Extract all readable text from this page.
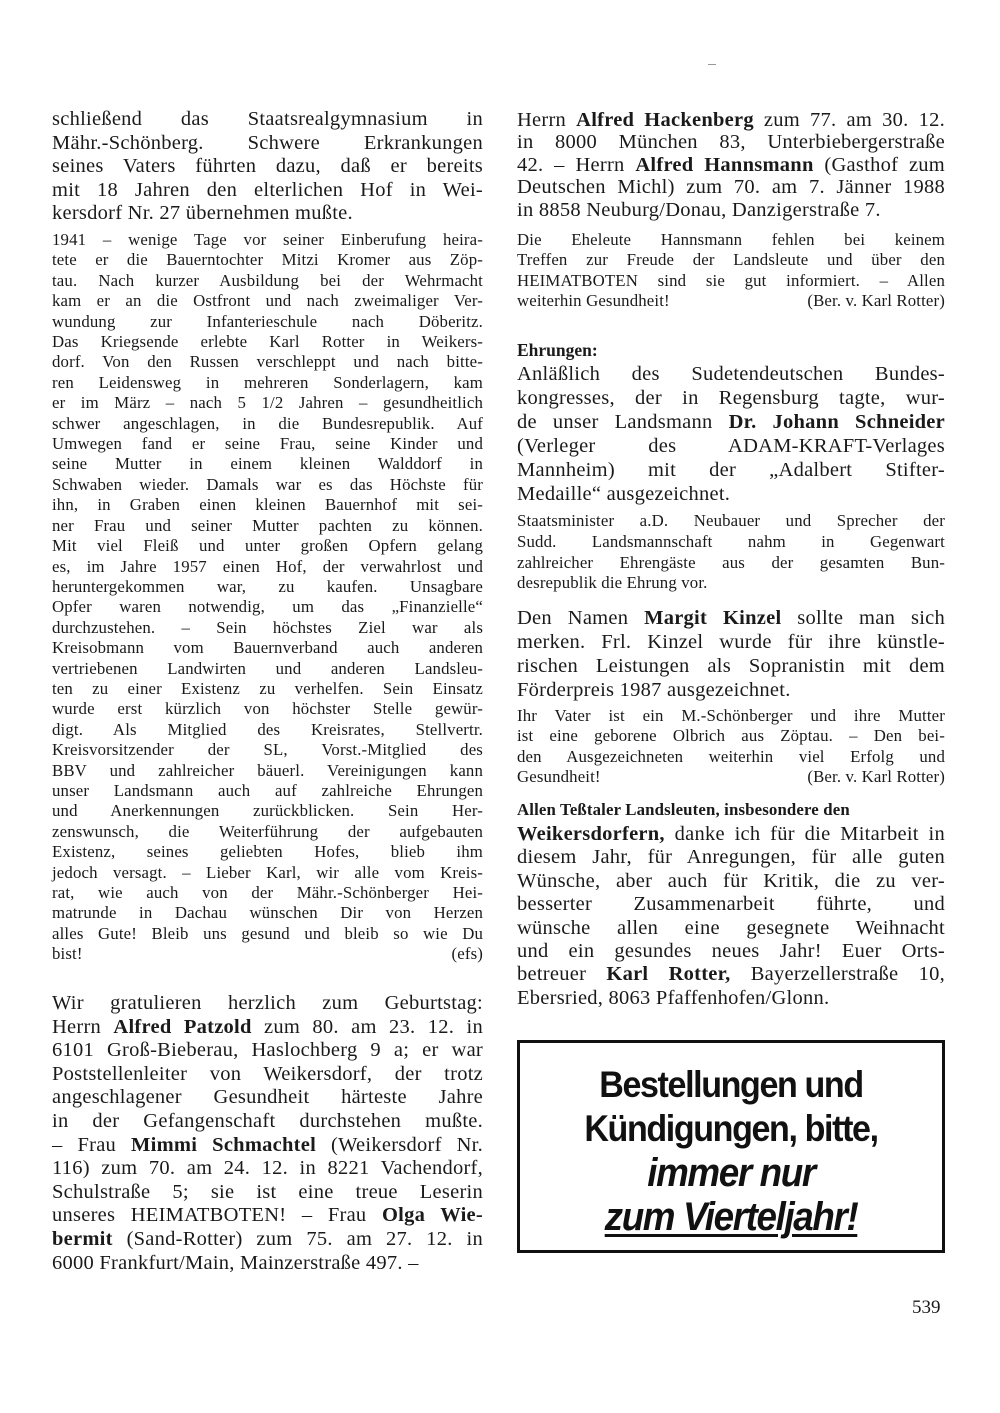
schließend das Staatsrealgymnasium in
Mähr.-Schönberg. Schwere Erkrankungen
seines Vaters führten dazu, daß er bereits
mit 18 Jahren den elterlichen Hof in Wei-
kersdorf Nr. 27 übernehmen mußte.
1941 – wenige Tage vor seiner Einberufung heira-
tete er die Bauerntochter Mitzi Kromer aus Zöp-
tau. Nach kurzer Ausbildung bei der Wehrmacht
kam er an die Ostfront und nach zweimaliger Ver-
wundung zur Infanterieschule nach Döberitz.
Das Kriegsende erlebte Karl Rotter in Weikers-
dorf. Von den Russen verschleppt und nach bitte-
ren Leidensweg in mehreren Sonderlagern, kam
er im März – nach 5 1/2 Jahren – gesundheitlich
schwer angeschlagen, in die Bundesrepublik. Auf
Umwegen fand er seine Frau, seine Kinder und
seine Mutter in einem kleinen Walddorf in
Schwaben wieder. Damals war es das Höchste für
ihn, in Graben einen kleinen Bauernhof mit sei-
ner Frau und seiner Mutter pachten zu können.
Mit viel Fleiß und unter großen Opfern gelang
es, im Jahre 1957 einen Hof, der verwahrlost und
heruntergekommen war, zu kaufen. Unsagbare
Opfer waren notwendig, um das „Finanzielle“
durchzustehen. – Sein höchstes Ziel war als
Kreisobmann vom Bauernverband auch anderen
vertriebenen Landwirten und anderen Landsleu-
ten zu einer Existenz zu verhelfen. Sein Einsatz
wurde erst kürzlich von höchster Stelle gewür-
digt. Als Mitglied des Kreisrates, Stellvertr.
Kreisvorsitzender der SL, Vorst.-Mitglied des
BBV und zahlreicher bäuerl. Vereinigungen kann
unser Landsmann auch auf zahlreiche Ehrungen
und Anerkennungen zurückblicken. Sein Her-
zenswunsch, die Weiterführung der aufgebauten
Existenz, seines geliebten Hofes, blieb ihm
jedoch versagt. – Lieber Karl, wir alle vom Kreis-
rat, wie auch von der Mähr.-Schönberger Hei-
matrunde in Dachau wünschen Dir von Herzen
alles Gute! Bleib uns gesund und bleib so wie Du
bist!	(efs)
Wir gratulieren herzlich zum Geburtstag:
Herrn Alfred Patzold zum 80. am 23. 12. in
6101 Groß-Bieberau, Haslochberg 9 a; er war
Poststellenleiter von Weikersdorf, der trotz
angeschlagener Gesundheit härteste Jahre
in der Gefangenschaft durchstehen mußte.
– Frau Mimmi Schmachtel (Weikersdorf Nr.
116) zum 70. am 24. 12. in 8221 Vachendorf,
Schulstraße 5; sie ist eine treue Leserin
unseres HEIMATBOTEN! – Frau Olga Wie-
bermit (Sand-Rotter) zum 75. am 27. 12. in
6000 Frankfurt/Main, Mainzerstraße 497. –
Herrn Alfred Hackenberg zum 77. am 30. 12.
in 8000 München 83, Unterbiebergerstraße
42. – Herrn Alfred Hannsmann (Gasthof zum
Deutschen Michl) zum 70. am 7. Jänner 1988
in 8858 Neuburg/Donau, Danzigerstraße 7.
Die Eheleute Hannsmann fehlen bei keinem
Treffen zur Freude der Landsleute und über den
HEIMATBOTEN sind sie gut informiert. – Allen
weiterhin Gesundheit!	(Ber. v. Karl Rotter)
Ehrungen:
Anläßlich des Sudetendeutschen Bundes-
kongresses, der in Regensburg tagte, wur-
de unser Landsmann Dr. Johann Schneider
(Verleger des ADAM-KRAFT-Verlages
Mannheim) mit der „Adalbert Stifter-
Medaille“ ausgezeichnet.
Staatsminister a.D. Neubauer und Sprecher der
Sudd. Landsmannschaft nahm in Gegenwart
zahlreicher Ehrengäste aus der gesamten Bun-
desrepublik die Ehrung vor.
Den Namen Margit Kinzel sollte man sich
merken. Frl. Kinzel wurde für ihre künstle-
rischen Leistungen als Sopranistin mit dem
Förderpreis 1987 ausgezeichnet.
Ihr Vater ist ein M.-Schönberger und ihre Mutter
ist eine geborene Olbrich aus Zöptau. – Den bei-
den Ausgezeichneten weiterhin viel Erfolg und
Gesundheit!	(Ber. v. Karl Rotter)
Allen Teßtaler Landsleuten, insbesondere den
Weikersdorfern, danke ich für die Mitarbeit in
diesem Jahr, für Anregungen, für alle guten
Wünsche, aber auch für Kritik, die zu ver-
besserter Zusammenarbeit führte, und
wünsche allen eine gesegnete Weihnacht
und ein gesundes neues Jahr! Euer Orts-
betreuer Karl Rotter, Bayerzellerstraße 10,
Ebersried, 8063 Pfaffenhofen/Glonn.
Bestellungen und
Kündigungen, bitte,
immer nur
zum Vierteljahr!
539
